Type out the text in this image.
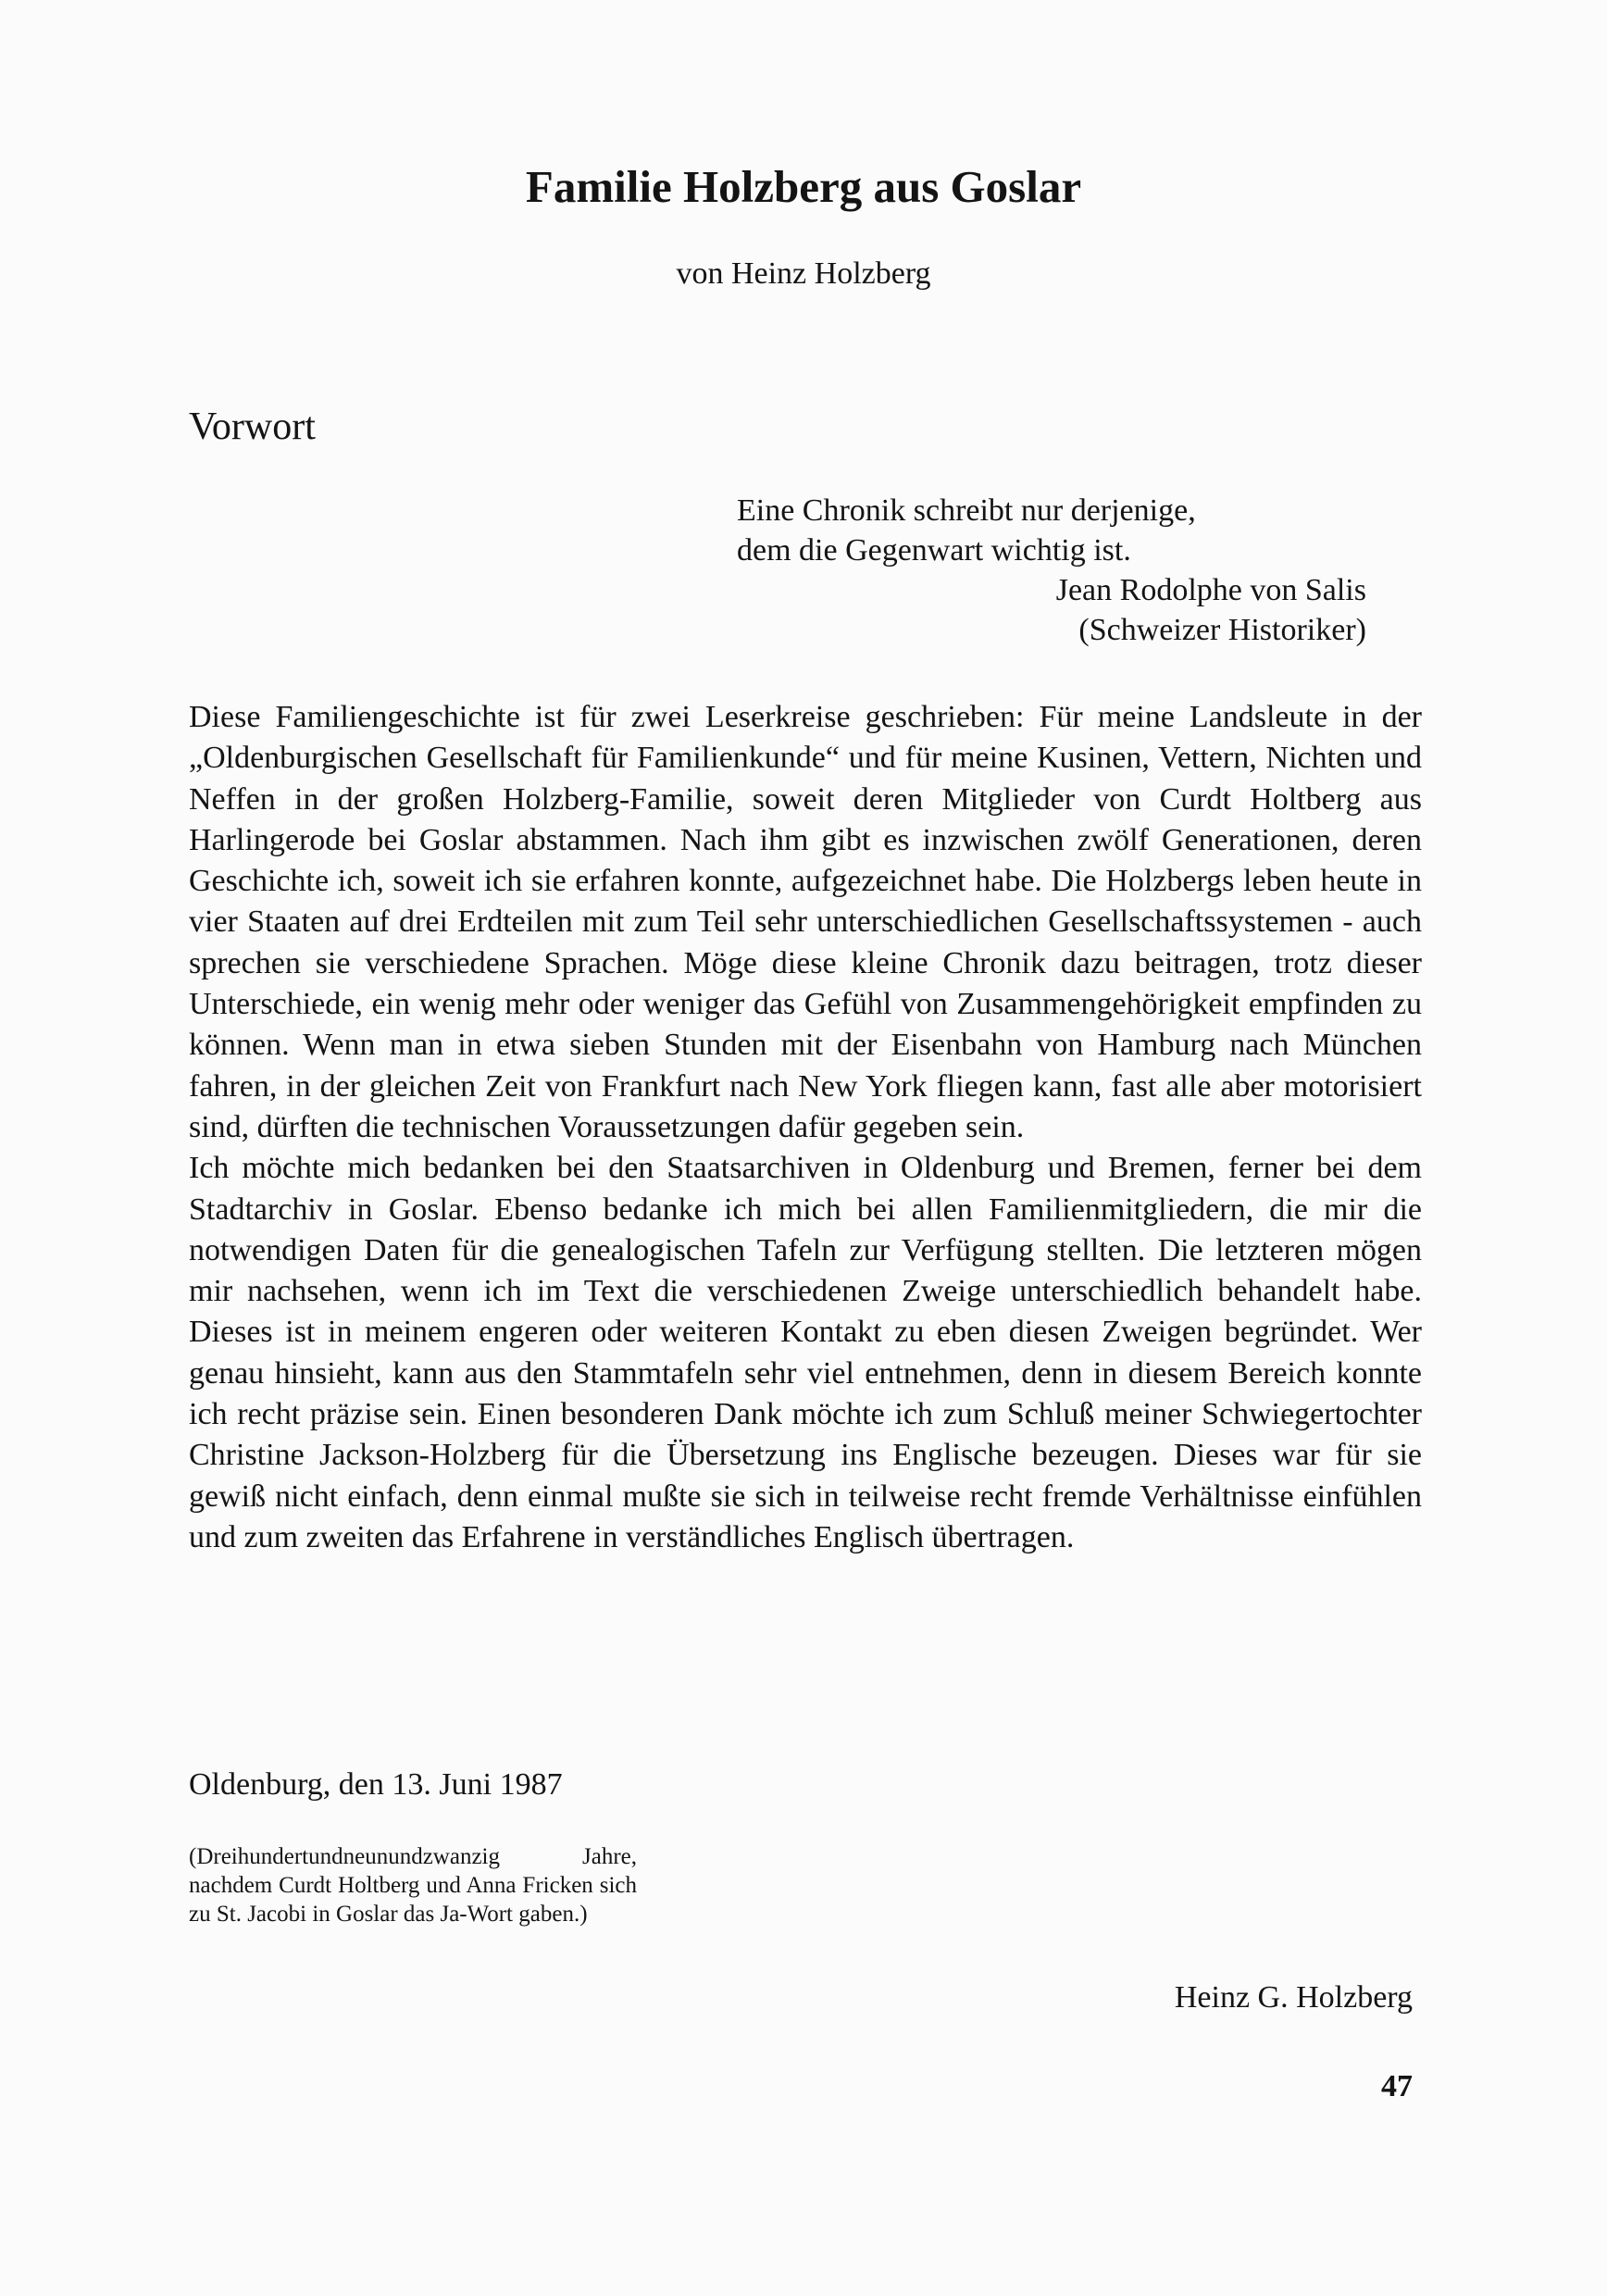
Familie Holzberg aus Goslar
von Heinz Holzberg
Vorwort
Eine Chronik schreibt nur derjenige,
dem die Gegenwart wichtig ist.
Jean Rodolphe von Salis
(Schweizer Historiker)

Diese Familiengeschichte ist für zwei Leserkreise geschrieben: Für meine Landsleute in der „Oldenburgischen Gesellschaft für Familienkunde“ und für meine Kusinen, Vettern, Nichten und Neffen in der großen Holzberg-Familie, soweit deren Mitglieder von Curdt Holtberg aus Harlingerode bei Goslar abstammen. Nach ihm gibt es inzwischen zwölf Generationen, deren Geschichte ich, soweit ich sie erfahren konnte, aufgezeichnet habe. Die Holzbergs leben heute in vier Staaten auf drei Erdteilen mit zum Teil sehr unterschiedlichen Gesellschaftssystemen - auch sprechen sie verschiedene Sprachen. Möge diese kleine Chronik dazu beitragen, trotz dieser Unterschiede, ein wenig mehr oder weniger das Gefühl von Zusammengehörigkeit empfinden zu können. Wenn man in etwa sieben Stunden mit der Eisenbahn von Hamburg nach München fahren, in der gleichen Zeit von Frankfurt nach New York fliegen kann, fast alle aber motorisiert sind, dürften die technischen Voraussetzungen dafür gegeben sein.

Ich möchte mich bedanken bei den Staatsarchiven in Oldenburg und Bremen, ferner bei dem Stadtarchiv in Goslar. Ebenso bedanke ich mich bei allen Familienmitgliedern, die mir die notwendigen Daten für die genealogischen Tafeln zur Verfügung stellten. Die letzteren mögen mir nachsehen, wenn ich im Text die verschiedenen Zweige unterschiedlich behandelt habe. Dieses ist in meinem engeren oder weiteren Kontakt zu eben diesen Zweigen begründet. Wer genau hinsieht, kann aus den Stammtafeln sehr viel entnehmen, denn in diesem Bereich konnte ich recht präzise sein. Einen besonderen Dank möchte ich zum Schluß meiner Schwiegertochter Christine Jackson-Holzberg für die Übersetzung ins Englische bezeugen. Dieses war für sie gewiß nicht einfach, denn einmal mußte sie sich in teilweise recht fremde Verhältnisse einfühlen und zum zweiten das Erfahrene in verständliches Englisch übertragen.

Oldenburg, den 13. Juni 1987
(Dreihundertundneunundzwanzig Jahre, nachdem Curdt Holtberg und Anna Fricken sich zu St. Jacobi in Goslar das Ja-Wort gaben.)
Heinz G. Holzberg
47
